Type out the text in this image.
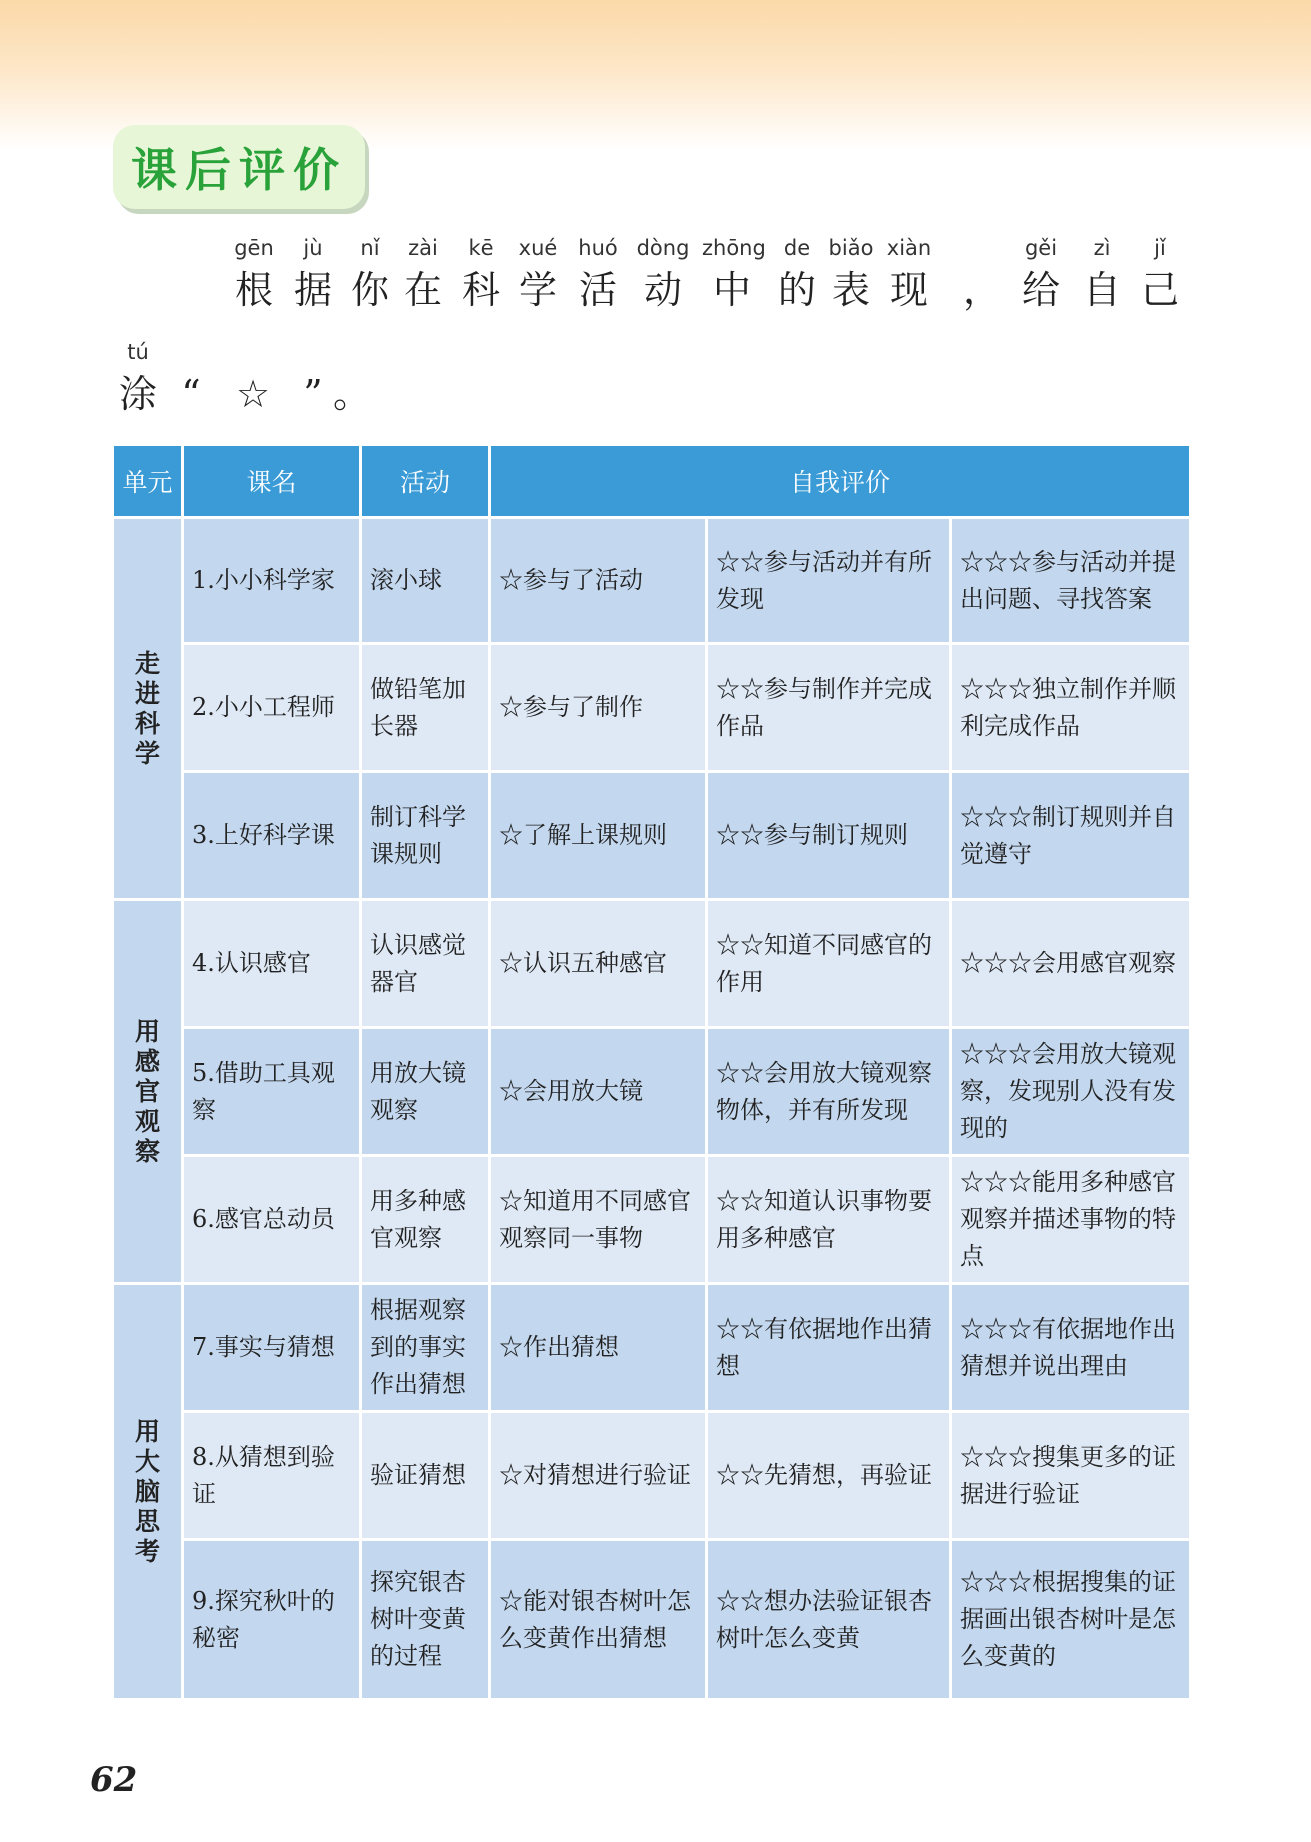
课后评价
gēn
根
jù
据
nǐ
你
zài
在
kē
科
xué
学
huó
活
dòng
动
zhōng
中
de
的
biǎo
表
xiàn
现 ，
gěi
给
zì
自
jǐ
己
tú
涂 “ ☆ ” 。
单元	课名	活动	自我评价		
走进科学	1.小小科学家	滚小球	☆参与了活动	☆☆参与活动并有所发现	☆☆☆参与活动并提出问题、寻找答案
	2.小小工程师	做铅笔加长器	☆参与了制作	☆☆参与制作并完成作品	☆☆☆独立制作并顺利完成作品
	3.上好科学课	制订科学课规则	☆了解上课规则	☆☆参与制订规则	☆☆☆制订规则并自觉遵守
用感官观察	4.认识感官	认识感觉器官	☆认识五种感官	☆☆知道不同感官的作用	☆☆☆会用感官观察
	5.借助工具观察	用放大镜观察	☆会用放大镜	☆☆会用放大镜观察物体，并有所发现	☆☆☆会用放大镜观察，发现别人没有发现的
	6.感官总动员	用多种感官观察	☆知道用不同感官观察同一事物	☆☆知道认识事物要用多种感官	☆☆☆能用多种感官观察并描述事物的特点
用大脑思考	7.事实与猜想	根据观察到的事实作出猜想	☆作出猜想	☆☆有依据地作出猜想	☆☆☆有依据地作出猜想并说出理由
	8.从猜想到验证	验证猜想	☆对猜想进行验证	☆☆先猜想，再验证	☆☆☆搜集更多的证据进行验证
	9.探究秋叶的秘密	探究银杏树叶变黄的过程	☆能对银杏树叶怎么变黄作出猜想	☆☆想办法验证银杏树叶怎么变黄	☆☆☆根据搜集的证据画出银杏树叶是怎么变黄的
62
